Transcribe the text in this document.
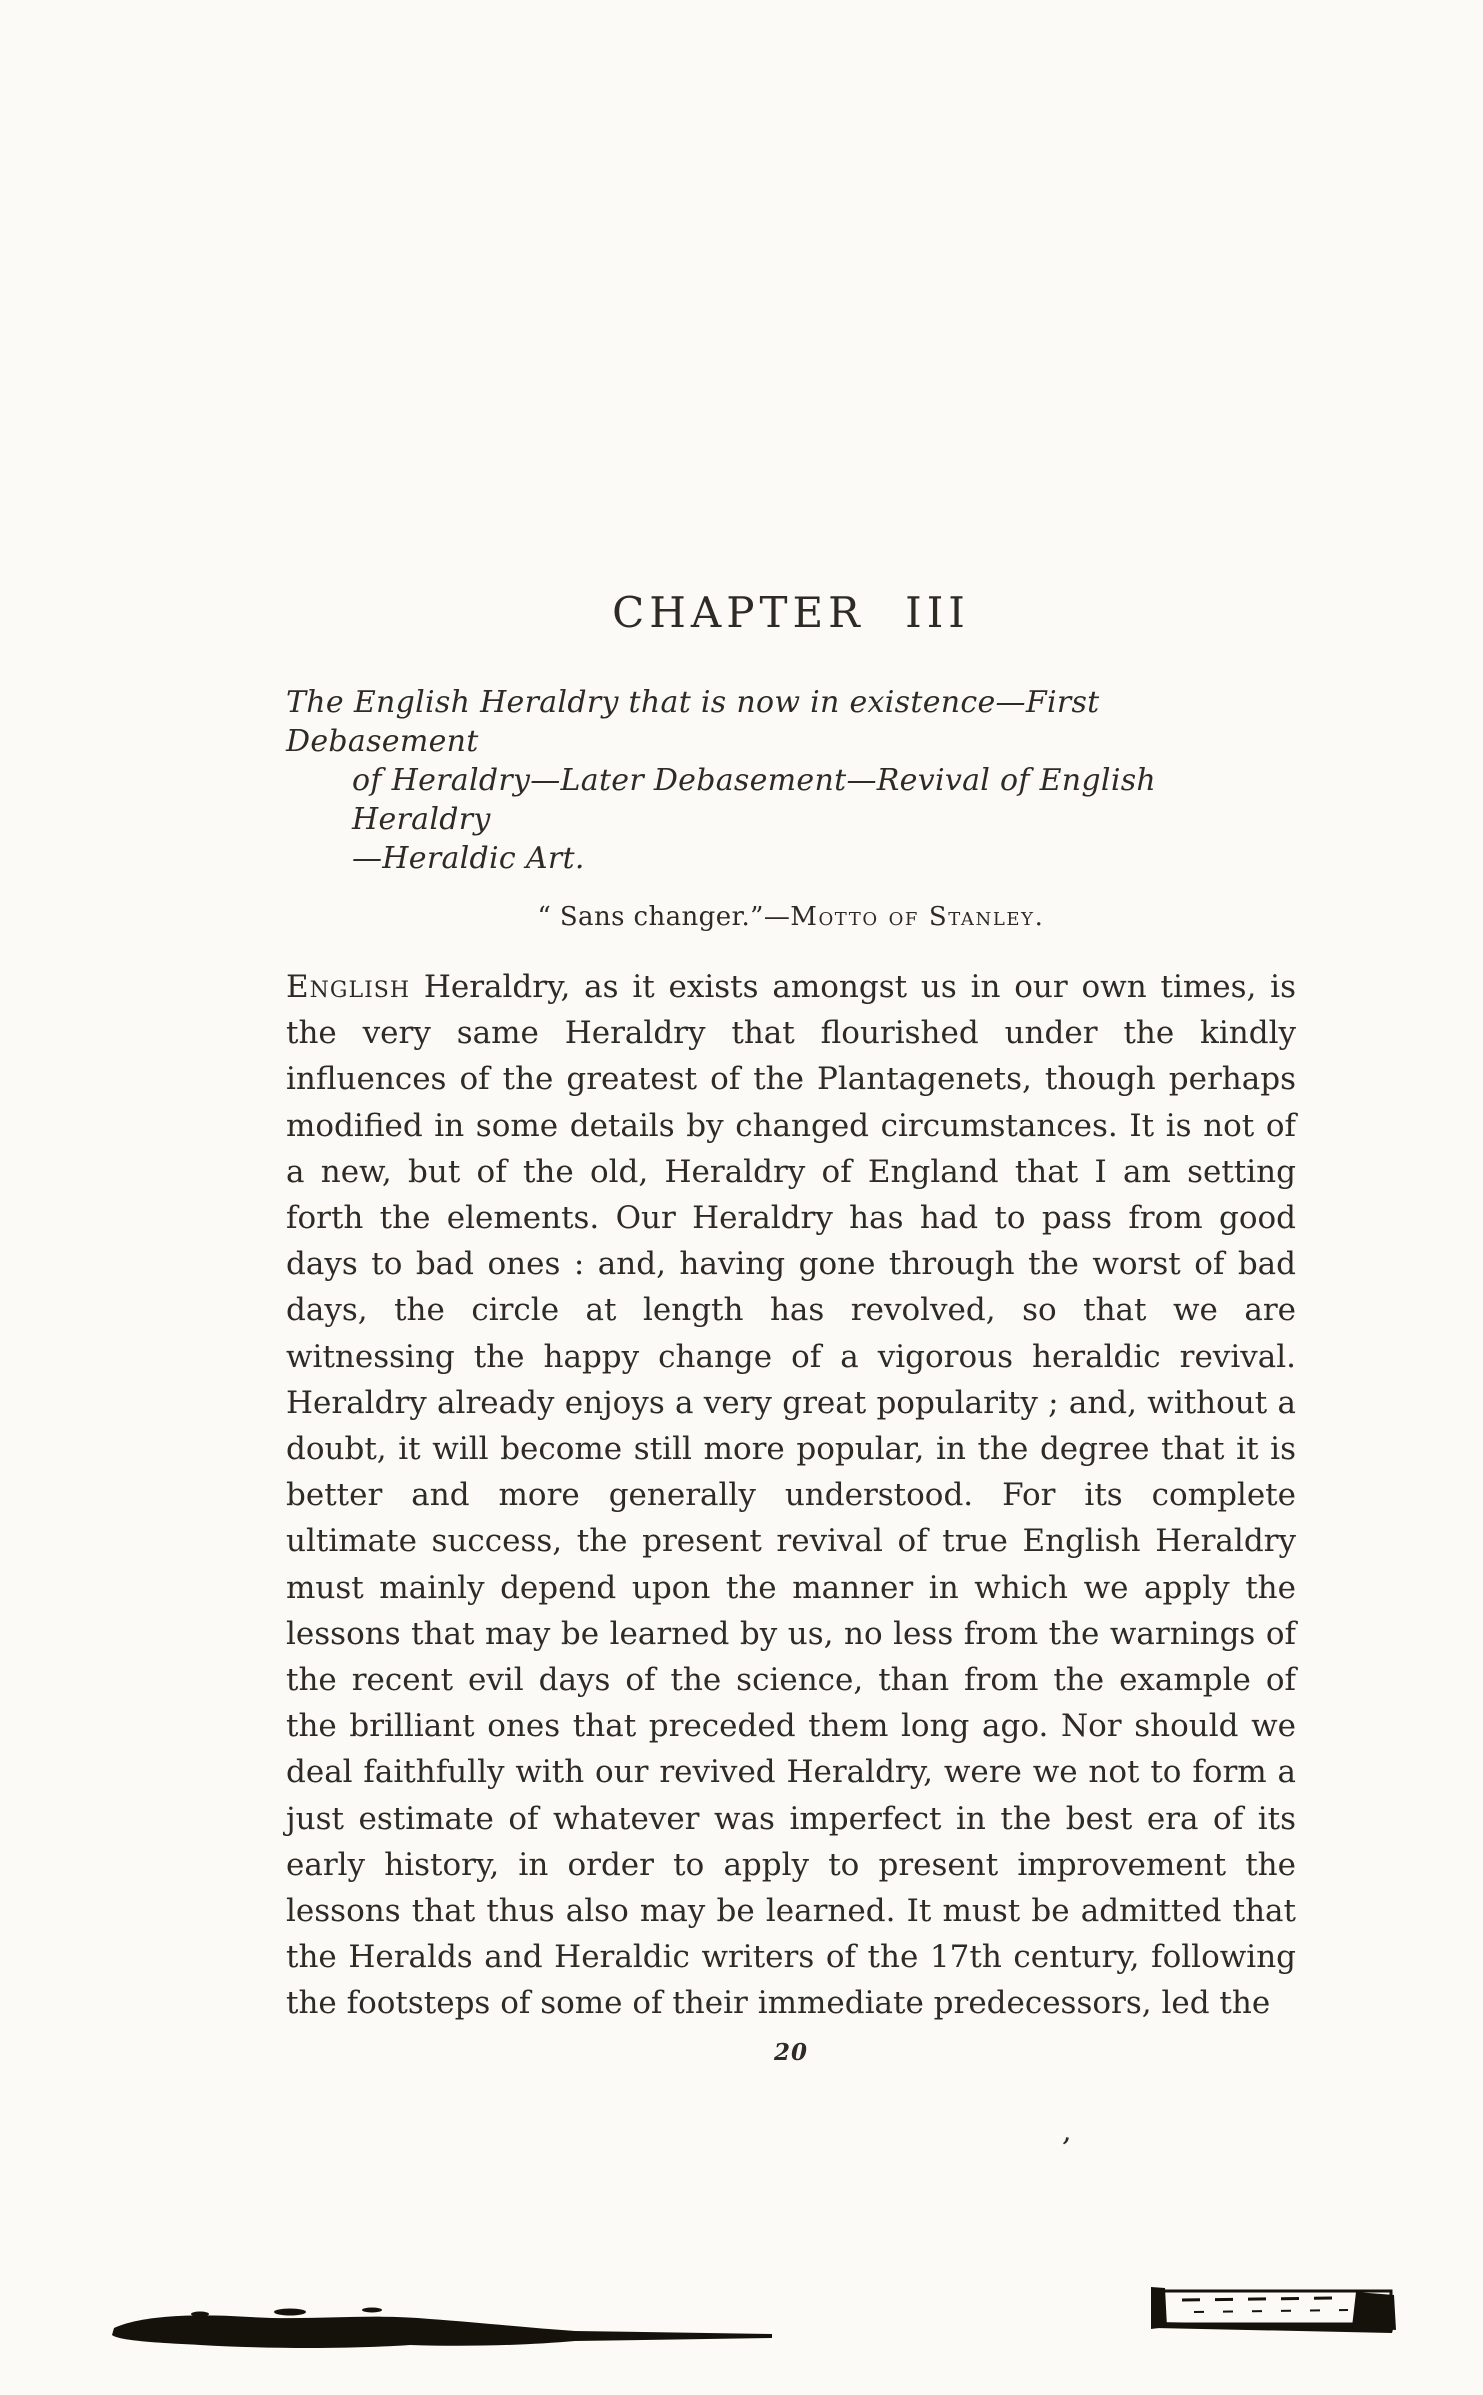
CHAPTER III
The English Heraldry that is now in existence—First Debasement
of Heraldry—Later Debasement—Revival of English Heraldry
—Heraldic Art.
“ Sans changer.”—Motto of Stanley.

English Heraldry, as it exists amongst us in our own times, is the very same Heraldry that flourished under the kindly influences of the greatest of the Plantagenets, though perhaps modified in some details by changed circumstances. It is not of a new, but of the old, Heraldry of England that I am setting forth the elements. Our Heraldry has had to pass from good days to bad ones : and, having gone through the worst of bad days, the circle at length has revolved, so that we are witnessing the happy change of a vigorous heraldic revival. Heraldry already enjoys a very great popularity ; and, without a doubt, it will become still more popular, in the degree that it is better and more generally understood. For its complete ultimate success, the present revival of true English Heraldry must mainly depend upon the manner in which we apply the lessons that may be learned by us, no less from the warnings of the recent evil days of the science, than from the example of the brilliant ones that preceded them long ago. Nor should we deal faithfully with our revived Heraldry, were we not to form a just estimate of whatever was imperfect in the best era of its early history, in order to apply to present improvement the lessons that thus also may be learned. It must be admitted that the Heralds and Heraldic writers of the 17th century, following the footsteps of some of their immediate predecessors, led the

20
’
